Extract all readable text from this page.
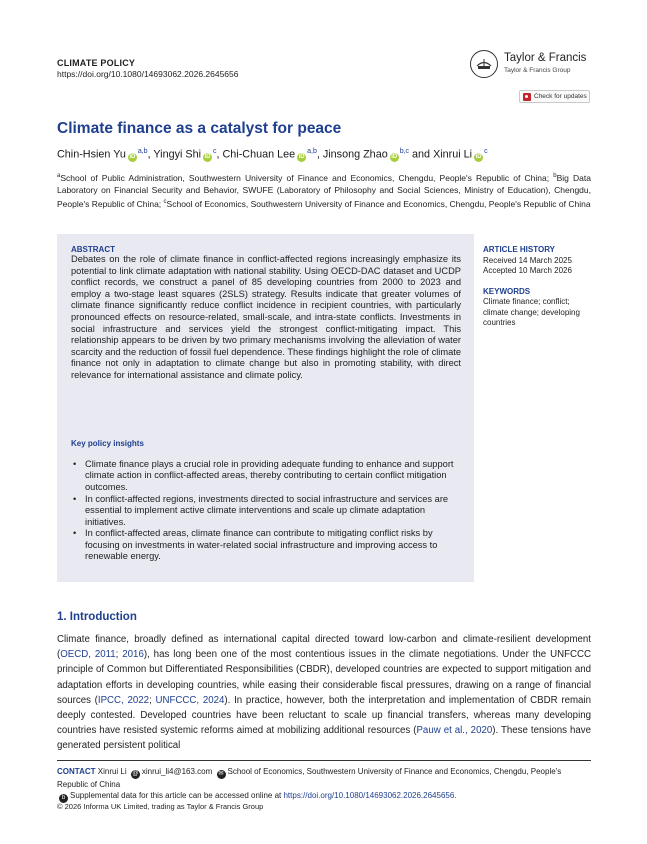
CLIMATE POLICY
https://doi.org/10.1080/14693062.2026.2645656
Taylor & Francis
Taylor & Francis Group
Check for updates
Climate finance as a catalyst for peace
Chin-Hsien Yu iD$^{a,b}$, Yingyi Shi $iD^c$, Chi-Chuan Lee iD$^{a,b}$, Jinsong Zhao iD$^{b,c}$ and Xinrui Li $iD^c$
$^a$School of Public Administration, Southwestern University of Finance and Economics, Chengdu, People's Republic of China; $^b$Big Data Laboratory on Financial Security and Behavior, SWUFE (Laboratory of Philosophy and Social Sciences, Ministry of Education), Chengdu, People's Republic of China; $^c$School of Economics, Southwestern University of Finance and Economics, Chengdu, People's Republic of China
ABSTRACT
Debates on the role of climate finance in conflict-affected regions increasingly emphasize its potential to link climate adaptation with national stability. Using OECD-DAC dataset and UCDP conflict records, we construct a panel of 85 developing countries from 2000 to 2023 and employ a two-stage least squares (2SLS) strategy. Results indicate that greater volumes of climate finance significantly reduce conflict incidence in recipient countries, with particularly pronounced effects on resource-related, small-scale, and intra-state conflicts. Investments in social infrastructure and services yield the strongest conflict-mitigating impact. This relationship appears to be driven by two primary mechanisms involving the alleviation of water scarcity and the reduction of fossil fuel dependence. These findings highlight the role of climate finance not only in adaptation to climate change but also in promoting stability, with direct relevance for international assistance and climate policy.
Key policy insights
• Climate finance plays a crucial role in providing adequate funding to enhance and support climate action in conflict-affected areas, thereby contributing to certain conflict mitigation outcomes.
• In conflict-affected regions, investments directed to social infrastructure and services are essential to implement active climate interventions and scale up climate adaptation initiatives.
• In conflict-affected areas, climate finance can contribute to mitigating conflict risks by focusing on investments in water-related social infrastructure and improving access to renewable energy.
ARTICLE HISTORY
Received 14 March 2025
Accepted 10 March 2026
KEYWORDS
Climate finance; conflict; climate change; developing countries
1. Introduction
Climate finance, broadly defined as international capital directed toward low-carbon and climate-resilient development (OECD, 2011; 2016), has long been one of the most contentious issues in the climate negotiations. Under the UNFCCC principle of Common but Differentiated Responsibilities (CBDR), developed countries are expected to support mitigation and adaptation efforts in developing countries, while easing their considerable fiscal pressures, drawing on a range of financial sources (IPCC, 2022; UNFCCC, 2024). In practice, however, both the interpretation and implementation of CBDR remain deeply contested. Developed countries have been reluctant to scale up financial transfers, whereas many developing countries have resisted systemic reforms aimed at mobilizing additional resources (Pauw et al., 2020). These tensions have generated persistent political
CONTACT Xinrui Li @ xinrui_li4@163.com ✉ School of Economics, Southwestern University of Finance and Economics, Chengdu, People's Republic of China
b Supplemental data for this article can be accessed online at https://doi.org/10.1080/14693062.2026.2645656.
© 2026 Informa UK Limited, trading as Taylor & Francis Group
